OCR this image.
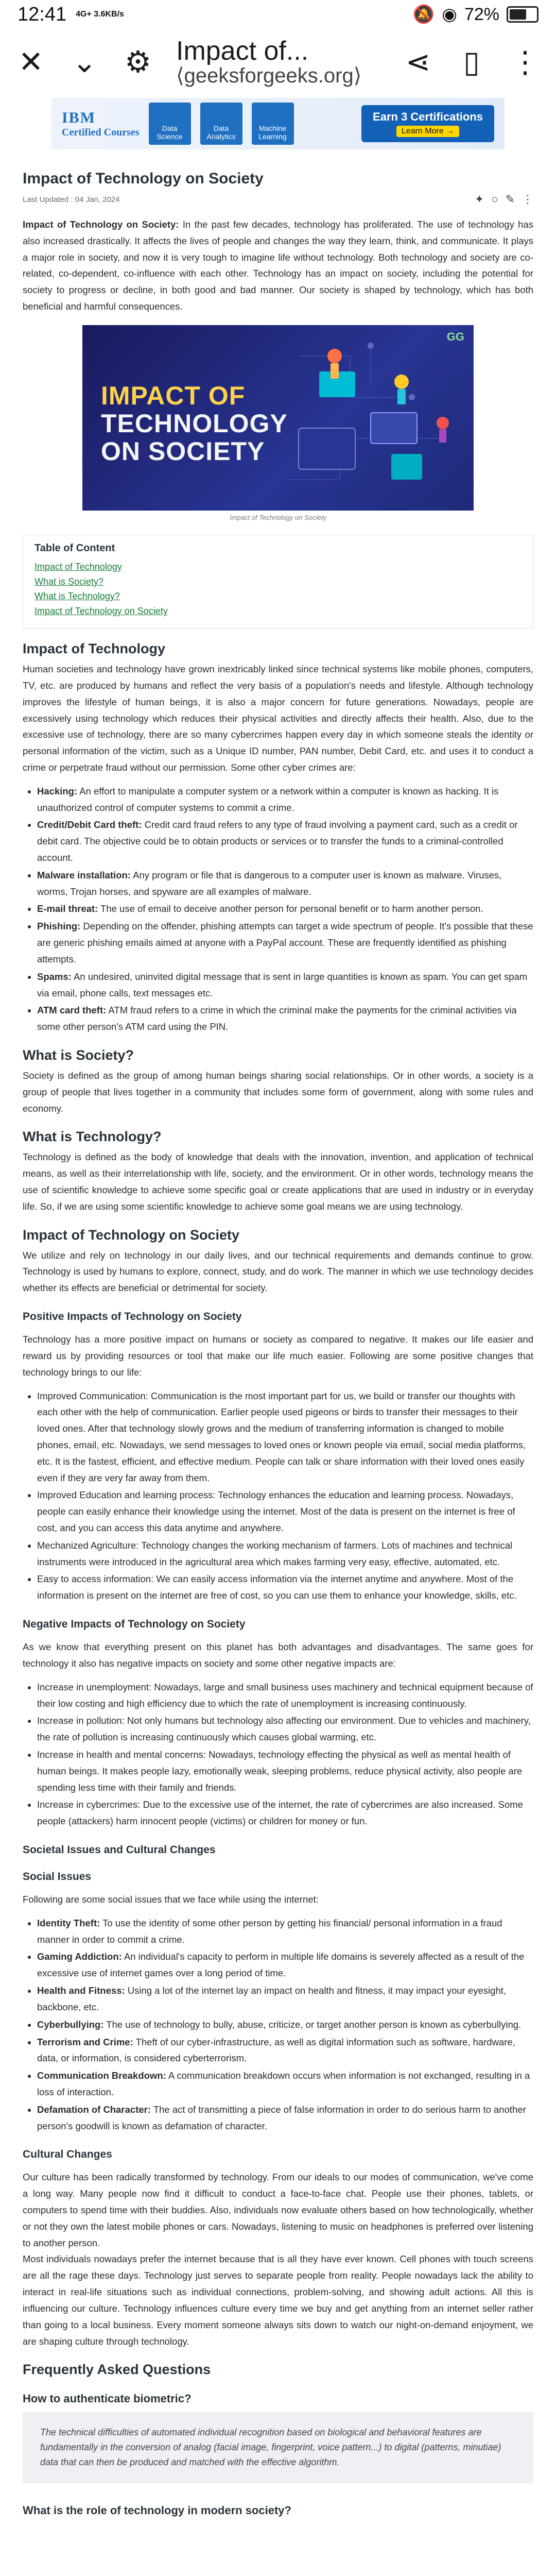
12:41 4G+ 3.6KB/s	🔕 ◉ 72%
✕ ⌄ ⚙ Impact of...
⟨geeksforgeeks.org⟩	⋖ ▯ ⋮
IBM
Certified Courses	Data Science
Data Analytics
Machine Learning
Earn 3 Certifications
Learn More →
Impact of Technology on Society
Last Updated : 04 Jan, 2024	✦ ○ ✎ ⋮

Impact of Technology on Society: In the past few decades, technology has proliferated. The use of technology has also increased drastically. It affects the lives of people and changes the way they learn, think, and communicate. It plays a major role in society, and now it is very tough to imagine life without technology. Both technology and society are co-related, co-dependent, co-influence with each other. Technology has an impact on society, including the potential for society to progress or decline, in both good and bad manner. Our society is shaped by technology, which has both beneficial and harmful consequences.

GG
IMPACT OF
TECHNOLOGY
ON SOCIETY
Impact of Technology on Society
Table of Content
Impact of Technology
What is Society?
What is Technology?
Impact of Technology on Society
Impact of Technology

Human societies and technology have grown inextricably linked since technical systems like mobile phones, computers, TV, etc. are produced by humans and reflect the very basis of a population's needs and lifestyle. Although technology improves the lifestyle of human beings, it is also a major concern for future generations. Nowadays, people are excessively using technology which reduces their physical activities and directly affects their health. Also, due to the excessive use of technology, there are so many cybercrimes happen every day in which someone steals the identity or personal information of the victim, such as a Unique ID number, PAN number, Debit Card, etc. and uses it to conduct a crime or perpetrate fraud without our permission. Some other cyber crimes are:

• Hacking: An effort to manipulate a computer system or a network within a computer is known as hacking. It is unauthorized control of computer systems to commit a crime.
• Credit/Debit Card theft: Credit card fraud refers to any type of fraud involving a payment card, such as a credit or debit card. The objective could be to obtain products or services or to transfer the funds to a criminal-controlled account.
• Malware installation: Any program or file that is dangerous to a computer user is known as malware. Viruses, worms, Trojan horses, and spyware are all examples of malware.
• E-mail threat: The use of email to deceive another person for personal benefit or to harm another person.
• Phishing: Depending on the offender, phishing attempts can target a wide spectrum of people. It's possible that these are generic phishing emails aimed at anyone with a PayPal account. These are frequently identified as phishing attempts.
• Spams: An undesired, uninvited digital message that is sent in large quantities is known as spam. You can get spam via email, phone calls, text messages etc.
• ATM card theft: ATM fraud refers to a crime in which the criminal make the payments for the criminal activities via some other person's ATM card using the PIN.
What is Society?

Society is defined as the group of among human beings sharing social relationships. Or in other words, a society is a group of people that lives together in a community that includes some form of government, along with some rules and economy.

What is Technology?

Technology is defined as the body of knowledge that deals with the innovation, invention, and application of technical means, as well as their interrelationship with life, society, and the environment. Or in other words, technology means the use of scientific knowledge to achieve some specific goal or create applications that are used in industry or in everyday life. So, if we are using some scientific knowledge to achieve some goal means we are using technology.

Impact of Technology on Society

We utilize and rely on technology in our daily lives, and our technical requirements and demands continue to grow. Technology is used by humans to explore, connect, study, and do work. The manner in which we use technology decides whether its effects are beneficial or detrimental for society.

Positive Impacts of Technology on Society

Technology has a more positive impact on humans or society as compared to negative. It makes our life easier and reward us by providing resources or tool that make our life much easier. Following are some positive changes that technology brings to our life:

• Improved Communication: Communication is the most important part for us, we build or transfer our thoughts with each other with the help of communication. Earlier people used pigeons or birds to transfer their messages to their loved ones. After that technology slowly grows and the medium of transferring information is changed to mobile phones, email, etc. Nowadays, we send messages to loved ones or known people via email, social media platforms, etc. It is the fastest, efficient, and effective medium. People can talk or share information with their loved ones easily even if they are very far away from them.
• Improved Education and learning process: Technology enhances the education and learning process. Nowadays, people can easily enhance their knowledge using the internet. Most of the data is present on the internet is free of cost, and you can access this data anytime and anywhere.
• Mechanized Agriculture: Technology changes the working mechanism of farmers. Lots of machines and technical instruments were introduced in the agricultural area which makes farming very easy, effective, automated, etc.
• Easy to access information: We can easily access information via the internet anytime and anywhere. Most of the information is present on the internet are free of cost, so you can use them to enhance your knowledge, skills, etc.
Negative Impacts of Technology on Society

As we know that everything present on this planet has both advantages and disadvantages. The same goes for technology it also has negative impacts on society and some other negative impacts are:

• Increase in unemployment: Nowadays, large and small business uses machinery and technical equipment because of their low costing and high efficiency due to which the rate of unemployment is increasing continuously.
• Increase in pollution: Not only humans but technology also affecting our environment. Due to vehicles and machinery, the rate of pollution is increasing continuously which causes global warming, etc.
• Increase in health and mental concerns: Nowadays, technology effecting the physical as well as mental health of human beings. It makes people lazy, emotionally weak, sleeping problems, reduce physical activity, also people are spending less time with their family and friends.
• Increase in cybercrimes: Due to the excessive use of the internet, the rate of cybercrimes are also increased. Some people (attackers) harm innocent people (victims) or children for money or fun.
Societal Issues and Cultural Changes
Social Issues

Following are some social issues that we face while using the internet:

• Identity Theft: To use the identity of some other person by getting his financial/ personal information in a fraud manner in order to commit a crime.
• Gaming Addiction: An individual's capacity to perform in multiple life domains is severely affected as a result of the excessive use of internet games over a long period of time.
• Health and Fitness: Using a lot of the internet lay an impact on health and fitness, it may impact your eyesight, backbone, etc.
• Cyberbullying: The use of technology to bully, abuse, criticize, or target another person is known as cyberbullying.
• Terrorism and Crime: Theft of our cyber-infrastructure, as well as digital information such as software, hardware, data, or information, is considered cyberterrorism.
• Communication Breakdown: A communication breakdown occurs when information is not exchanged, resulting in a loss of interaction.
• Defamation of Character: The act of transmitting a piece of false information in order to do serious harm to another person's goodwill is known as defamation of character.
Cultural Changes

Our culture has been radically transformed by technology. From our ideals to our modes of communication, we've come a long way. Many people now find it difficult to conduct a face-to-face chat. People use their phones, tablets, or computers to spend time with their buddies. Also, individuals now evaluate others based on how technologically, whether or not they own the latest mobile phones or cars. Nowadays, listening to music on headphones is preferred over listening to another person.

Most individuals nowadays prefer the internet because that is all they have ever known. Cell phones with touch screens are all the rage these days. Technology just serves to separate people from reality. People nowadays lack the ability to interact in real-life situations such as individual connections, problem-solving, and showing adult actions. All this is influencing our culture. Technology influences culture every time we buy and get anything from an internet seller rather than going to a local business. Every moment someone always sits down to watch our night-on-demand enjoyment, we are shaping culture through technology.

Frequently Asked Questions
How to authenticate biometric?
The technical difficulties of automated individual recognition based on biological and behavioral features are fundamentally in the conversion of analog (facial image, fingerprint, voice pattern...) to digital (patterns, minutiae) data that can then be produced and matched with the effective algorithm.
What is the role of technology in modern society?
